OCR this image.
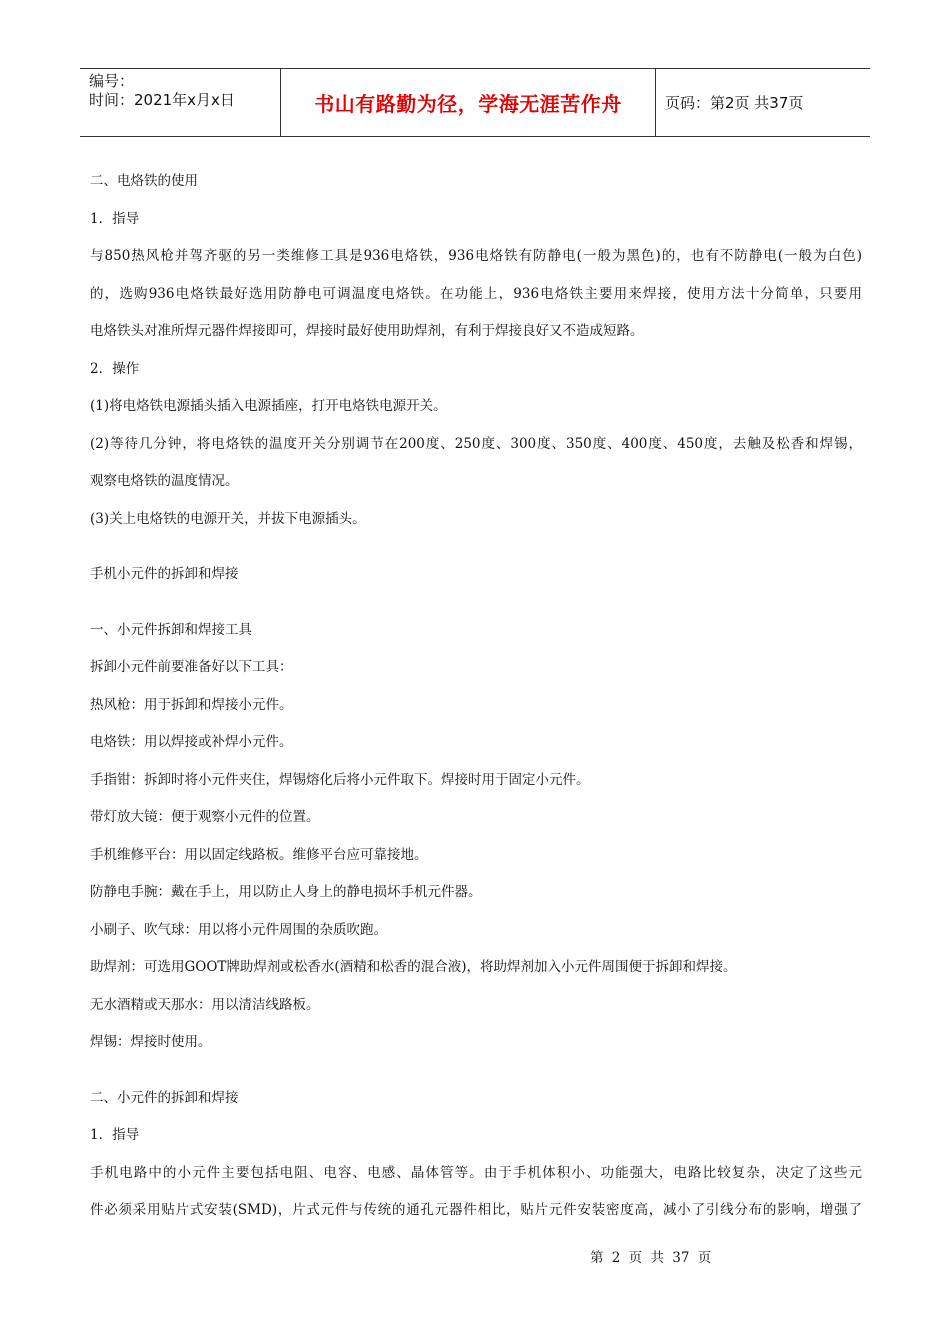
编号：
时间：2021年x月x日	书山有路勤为径，学海无涯苦作舟	页码：第2页 共37页
二、电烙铁的使用
1．指导
与850热风枪并驾齐驱的另一类维修工具是936电烙铁，936电烙铁有防静电(一般为黑色)的，也有不防静电(一般为白色)
的，选购936电烙铁最好选用防静电可调温度电烙铁。在功能上，936电烙铁主要用来焊接，使用方法十分简单，只要用
电烙铁头对准所焊元器件焊接即可，焊接时最好使用助焊剂，有利于焊接良好又不造成短路。
2．操作
(1)将电烙铁电源插头插入电源插座，打开电烙铁电源开关。
(2)等待几分钟，将电烙铁的温度开关分别调节在200度、250度、300度、350度、400度、450度，去触及松香和焊锡，
观察电烙铁的温度情况。
(3)关上电烙铁的电源开关，并拔下电源插头。
手机小元件的拆卸和焊接
一、小元件拆卸和焊接工具
拆卸小元件前要准备好以下工具：
热风枪：用于拆卸和焊接小元件。
电烙铁：用以焊接或补焊小元件。
手指钳：拆卸时将小元件夹住，焊锡熔化后将小元件取下。焊接时用于固定小元件。
带灯放大镜：便于观察小元件的位置。
手机维修平台：用以固定线路板。维修平台应可靠接地。
防静电手腕：戴在手上，用以防止人身上的静电损坏手机元件器。
小刷子、吹气球：用以将小元件周围的杂质吹跑。
助焊剂：可选用GOOT牌助焊剂或松香水(酒精和松香的混合液)，将助焊剂加入小元件周围便于拆卸和焊接。
无水酒精或天那水：用以清洁线路板。
焊锡：焊接时使用。
二、小元件的拆卸和焊接
1．指导
手机电路中的小元件主要包括电阻、电容、电感、晶体管等。由于手机体积小、功能强大，电路比较复杂，决定了这些元
件必须采用贴片式安装(SMD)，片式元件与传统的通孔元器件相比，贴片元件安装密度高，减小了引线分布的影响，增强了
第 2 页 共 37 页
